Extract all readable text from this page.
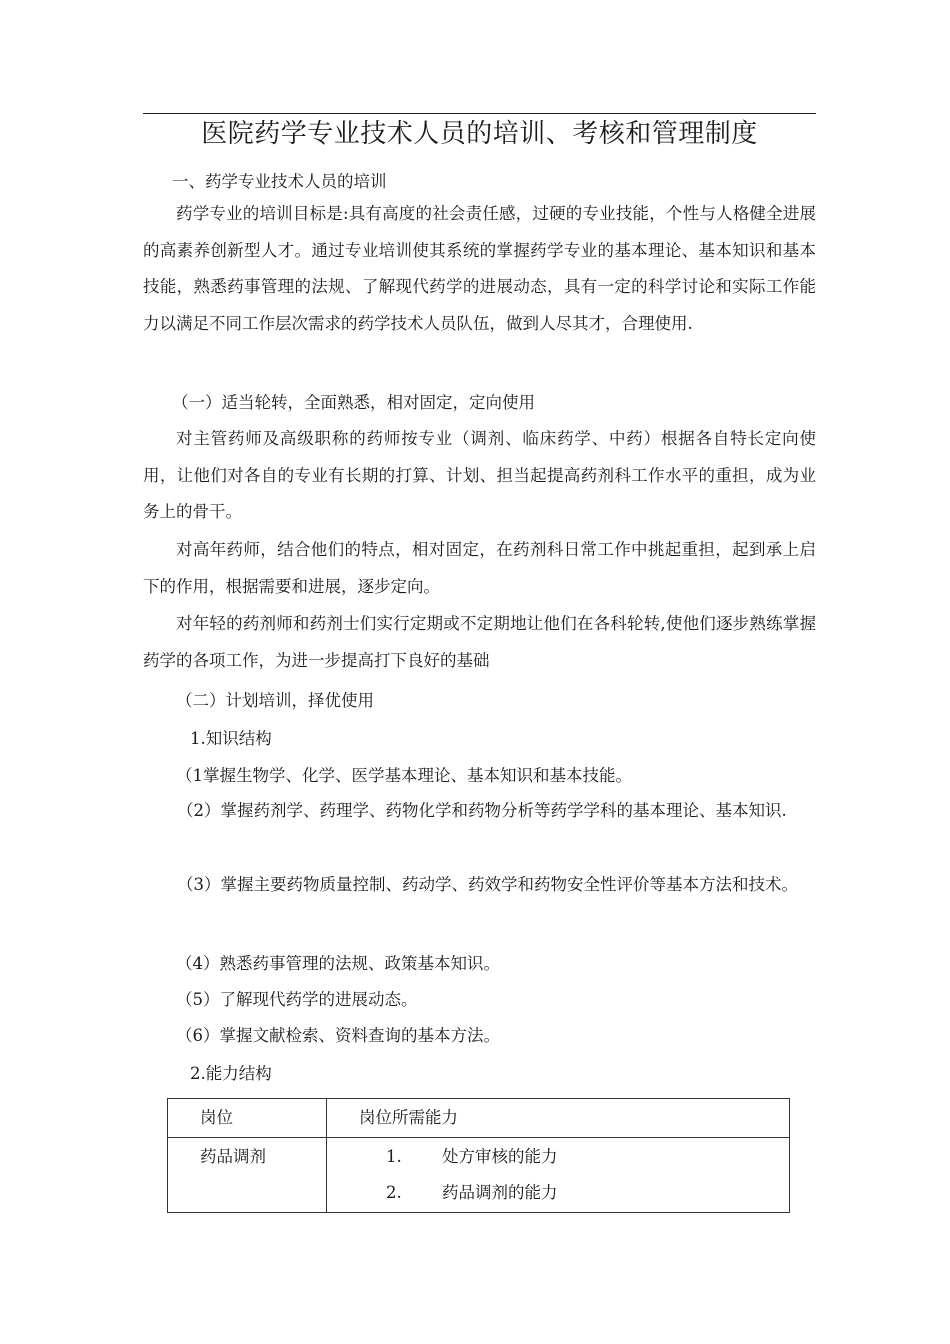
医院药学专业技术人员的培训、考核和管理制度
一、药学专业技术人员的培训

药学专业的培训目标是:具有高度的社会责任感，过硬的专业技能，个性与人格健全进展的高素养创新型人才。通过专业培训使其系统的掌握药学专业的基本理论、基本知识和基本技能，熟悉药事管理的法规、了解现代药学的进展动态，具有一定的科学讨论和实际工作能力以满足不同工作层次需求的药学技术人员队伍，做到人尽其才，合理使用.

（一）适当轮转，全面熟悉，相对固定，定向使用

对主管药师及高级职称的药师按专业（调剂、临床药学、中药）根据各自特长定向使用，让他们对各自的专业有长期的打算、计划、担当起提高药剂科工作水平的重担，成为业务上的骨干。

对高年药师，结合他们的特点，相对固定，在药剂科日常工作中挑起重担，起到承上启下的作用，根据需要和进展，逐步定向。

对年轻的药剂师和药剂士们实行定期或不定期地让他们在各科轮转,使他们逐步熟练掌握药学的各项工作，为进一步提高打下良好的基础

（二）计划培训，择优使用
1.知识结构
（1掌握生物学、化学、医学基本理论、基本知识和基本技能。

（2）掌握药剂学、药理学、药物化学和药物分析等药学学科的基本理论、基本知识.

（3）掌握主要药物质量控制、药动学、药效学和药物安全性评价等基本方法和技术。

（4）熟悉药事管理的法规、政策基本知识。
（5）了解现代药学的进展动态。
（6）掌握文献检索、资料查询的基本方法。
2.能力结构
岗位	岗位所需能力
药品调剂	1. 处方审核的能力
2. 药品调剂的能力
